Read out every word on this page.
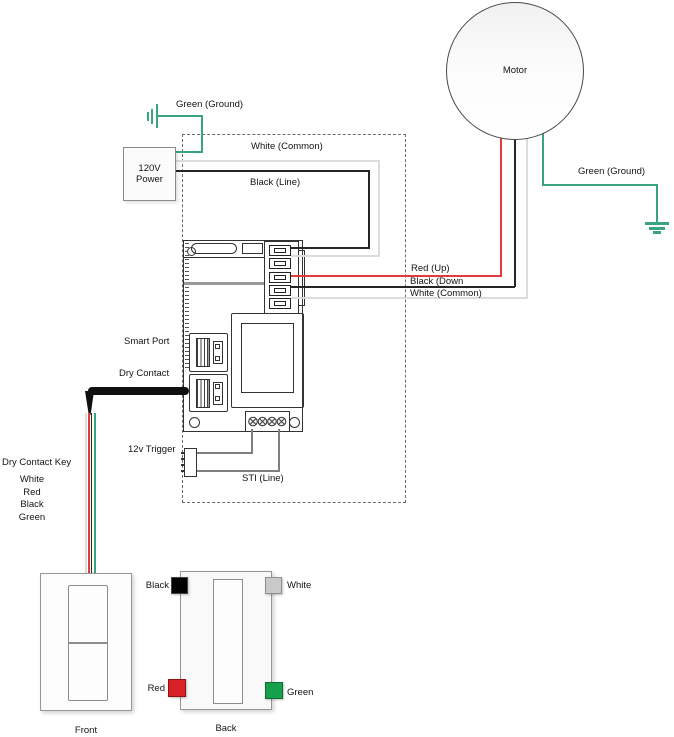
Motor
120V
Power
Green (Ground)
White (Common)
Black (Line)
Green (Ground)
Red (Up)
Black (Down
White (Common)
Smart Port
Dry Contact
12v Trigger
STI (Line)
Dry Contact Key
White
Red
Black
Green
Black	White
Red	Green
Front	Back
